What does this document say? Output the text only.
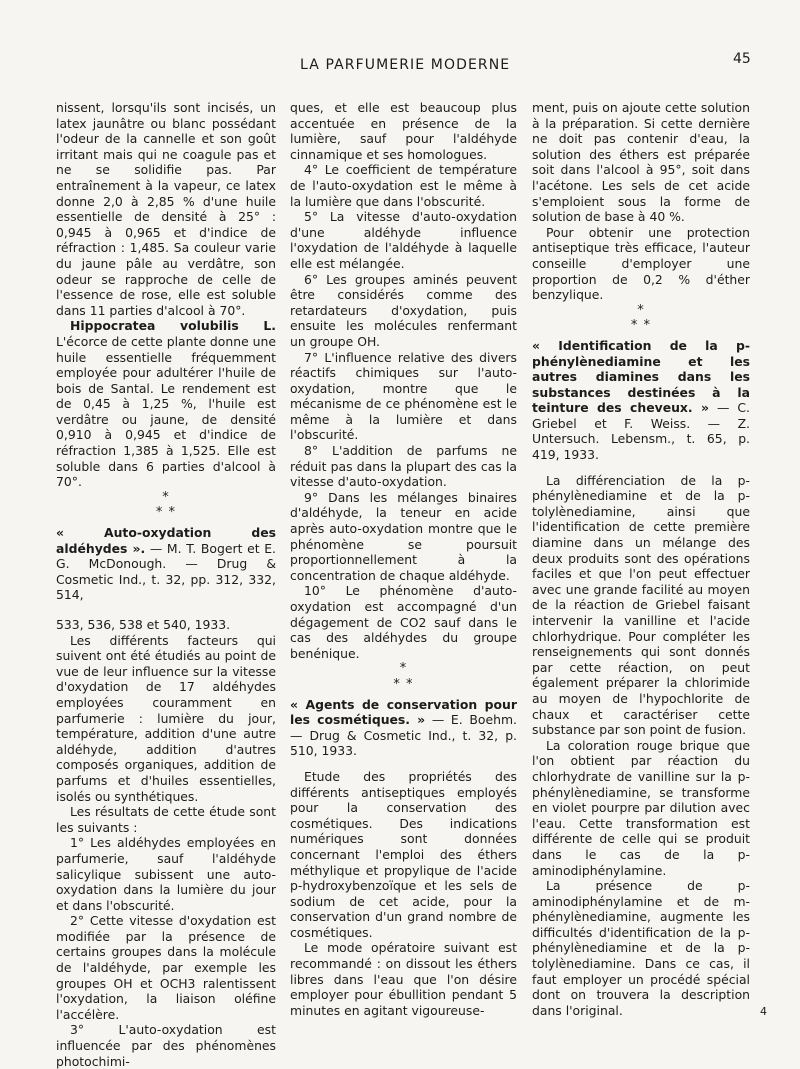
LA PARFUMERIE MODERNE	45

nissent, lorsqu'ils sont incisés, un latex jaunâtre ou blanc possédant l'odeur de la cannelle et son goût irritant mais qui ne coagule pas et ne se solidifie pas. Par entraînement à la vapeur, ce latex donne 2,0 à 2,85 % d'une huile essentielle de densité à 25° : 0,945 à 0,965 et d'indice de réfraction : 1,485. Sa couleur varie du jaune pâle au verdâtre, son odeur se rapproche de celle de l'essence de rose, elle est soluble dans 11 parties d'alcool à 70°.

Hippocratea volubilis L. L'écorce de cette plante donne une huile essentielle fréquemment employée pour adultérer l'huile de bois de Santal. Le rendement est de 0,45 à 1,25 %, l'huile est verdâtre ou jaune, de densité 0,910 à 0,945 et d'indice de réfraction 1,385 à 1,525. Elle est soluble dans 6 parties d'alcool à 70°.

*
* *

« Auto-oxydation des aldéhydes ». — M. T. Bogert et E. G. McDonough. — Drug & Cosmetic Ind., t. 32, pp. 312, 332, 514,

533, 536, 538 et 540, 1933.

Les différents facteurs qui suivent ont été étudiés au point de vue de leur influence sur la vitesse d'oxydation de 17 aldéhydes employées couramment en parfumerie : lumière du jour, température, addition d'une autre aldéhyde, addition d'autres composés organiques, addition de parfums et d'huiles essentielles, isolés ou synthétiques.

Les résultats de cette étude sont les suivants :

1° Les aldéhydes employées en parfumerie, sauf l'aldéhyde salicylique subissent une auto-oxydation dans la lumière du jour et dans l'obscurité.

2° Cette vitesse d'oxydation est modifiée par la présence de certains groupes dans la molécule de l'aldéhyde, par exemple les groupes OH et OCH3 ralentissent l'oxydation, la liaison oléfine l'accélère.

3° L'auto-oxydation est influencée par des phénomènes photochimi-

ques, et elle est beaucoup plus accentuée en présence de la lumière, sauf pour l'aldéhyde cinnamique et ses homologues.

4° Le coefficient de température de l'auto-oxydation est le même à la lumière que dans l'obscurité.

5° La vitesse d'auto-oxydation d'une aldéhyde influence l'oxydation de l'aldéhyde à laquelle elle est mélangée.

6° Les groupes aminés peuvent être considérés comme des retardateurs d'oxydation, puis ensuite les molécules renfermant un groupe OH.

7° L'influence relative des divers réactifs chimiques sur l'auto-oxydation, montre que le mécanisme de ce phénomène est le même à la lumière et dans l'obscurité.

8° L'addition de parfums ne réduit pas dans la plupart des cas la vitesse d'auto-oxydation.

9° Dans les mélanges binaires d'aldéhyde, la teneur en acide après auto-oxydation montre que le phénomène se poursuit proportionnellement à la concentration de chaque aldéhyde.

10° Le phénomène d'auto-oxydation est accompagné d'un dégagement de CO2 sauf dans le cas des aldéhydes du groupe benénique.

*
* *

« Agents de conservation pour les cosmétiques. » — E. Boehm. — Drug & Cosmetic Ind., t. 32, p. 510, 1933.

Etude des propriétés des différents antiseptiques employés pour la conservation des cosmétiques. Des indications numériques sont données concernant l'emploi des éthers méthylique et propylique de l'acide p-hydroxybenzoïque et les sels de sodium de cet acide, pour la conservation d'un grand nombre de cosmétiques.

Le mode opératoire suivant est recommandé : on dissout les éthers libres dans l'eau que l'on désire employer pour ébullition pendant 5 minutes en agitant vigoureuse-

ment, puis on ajoute cette solution à la préparation. Si cette dernière ne doit pas contenir d'eau, la solution des éthers est préparée soit dans l'alcool à 95°, soit dans l'acétone. Les sels de cet acide s'emploient sous la forme de solution de base à 40 %.

Pour obtenir une protection antiseptique très efficace, l'auteur conseille d'employer une proportion de 0,2 % d'éther benzylique.

*
* *

« Identification de la p-phénylènediamine et les autres diamines dans les substances destinées à la teinture des cheveux. » — C. Griebel et F. Weiss. — Z. Untersuch. Lebensm., t. 65, p. 419, 1933.

La différenciation de la p-phénylènediamine et de la p-tolylènediamine, ainsi que l'identification de cette première diamine dans un mélange des deux produits sont des opérations faciles et que l'on peut effectuer avec une grande facilité au moyen de la réaction de Griebel faisant intervenir la vanilline et l'acide chlorhydrique. Pour compléter les renseignements qui sont donnés par cette réaction, on peut également préparer la chlorimide au moyen de l'hypochlorite de chaux et caractériser cette substance par son point de fusion.

La coloration rouge brique que l'on obtient par réaction du chlorhydrate de vanilline sur la p-phénylènediamine, se transforme en violet pourpre par dilution avec l'eau. Cette transformation est différente de celle qui se produit dans le cas de la p-aminodiphénylamine.

La présence de p-aminodiphénylamine et de m-phénylènediamine, augmente les difficultés d'identification de la p-phénylènediamine et de la p-tolylènediamine. Dans ce cas, il faut employer un procédé spécial dont on trouvera la description dans l'original.	4
